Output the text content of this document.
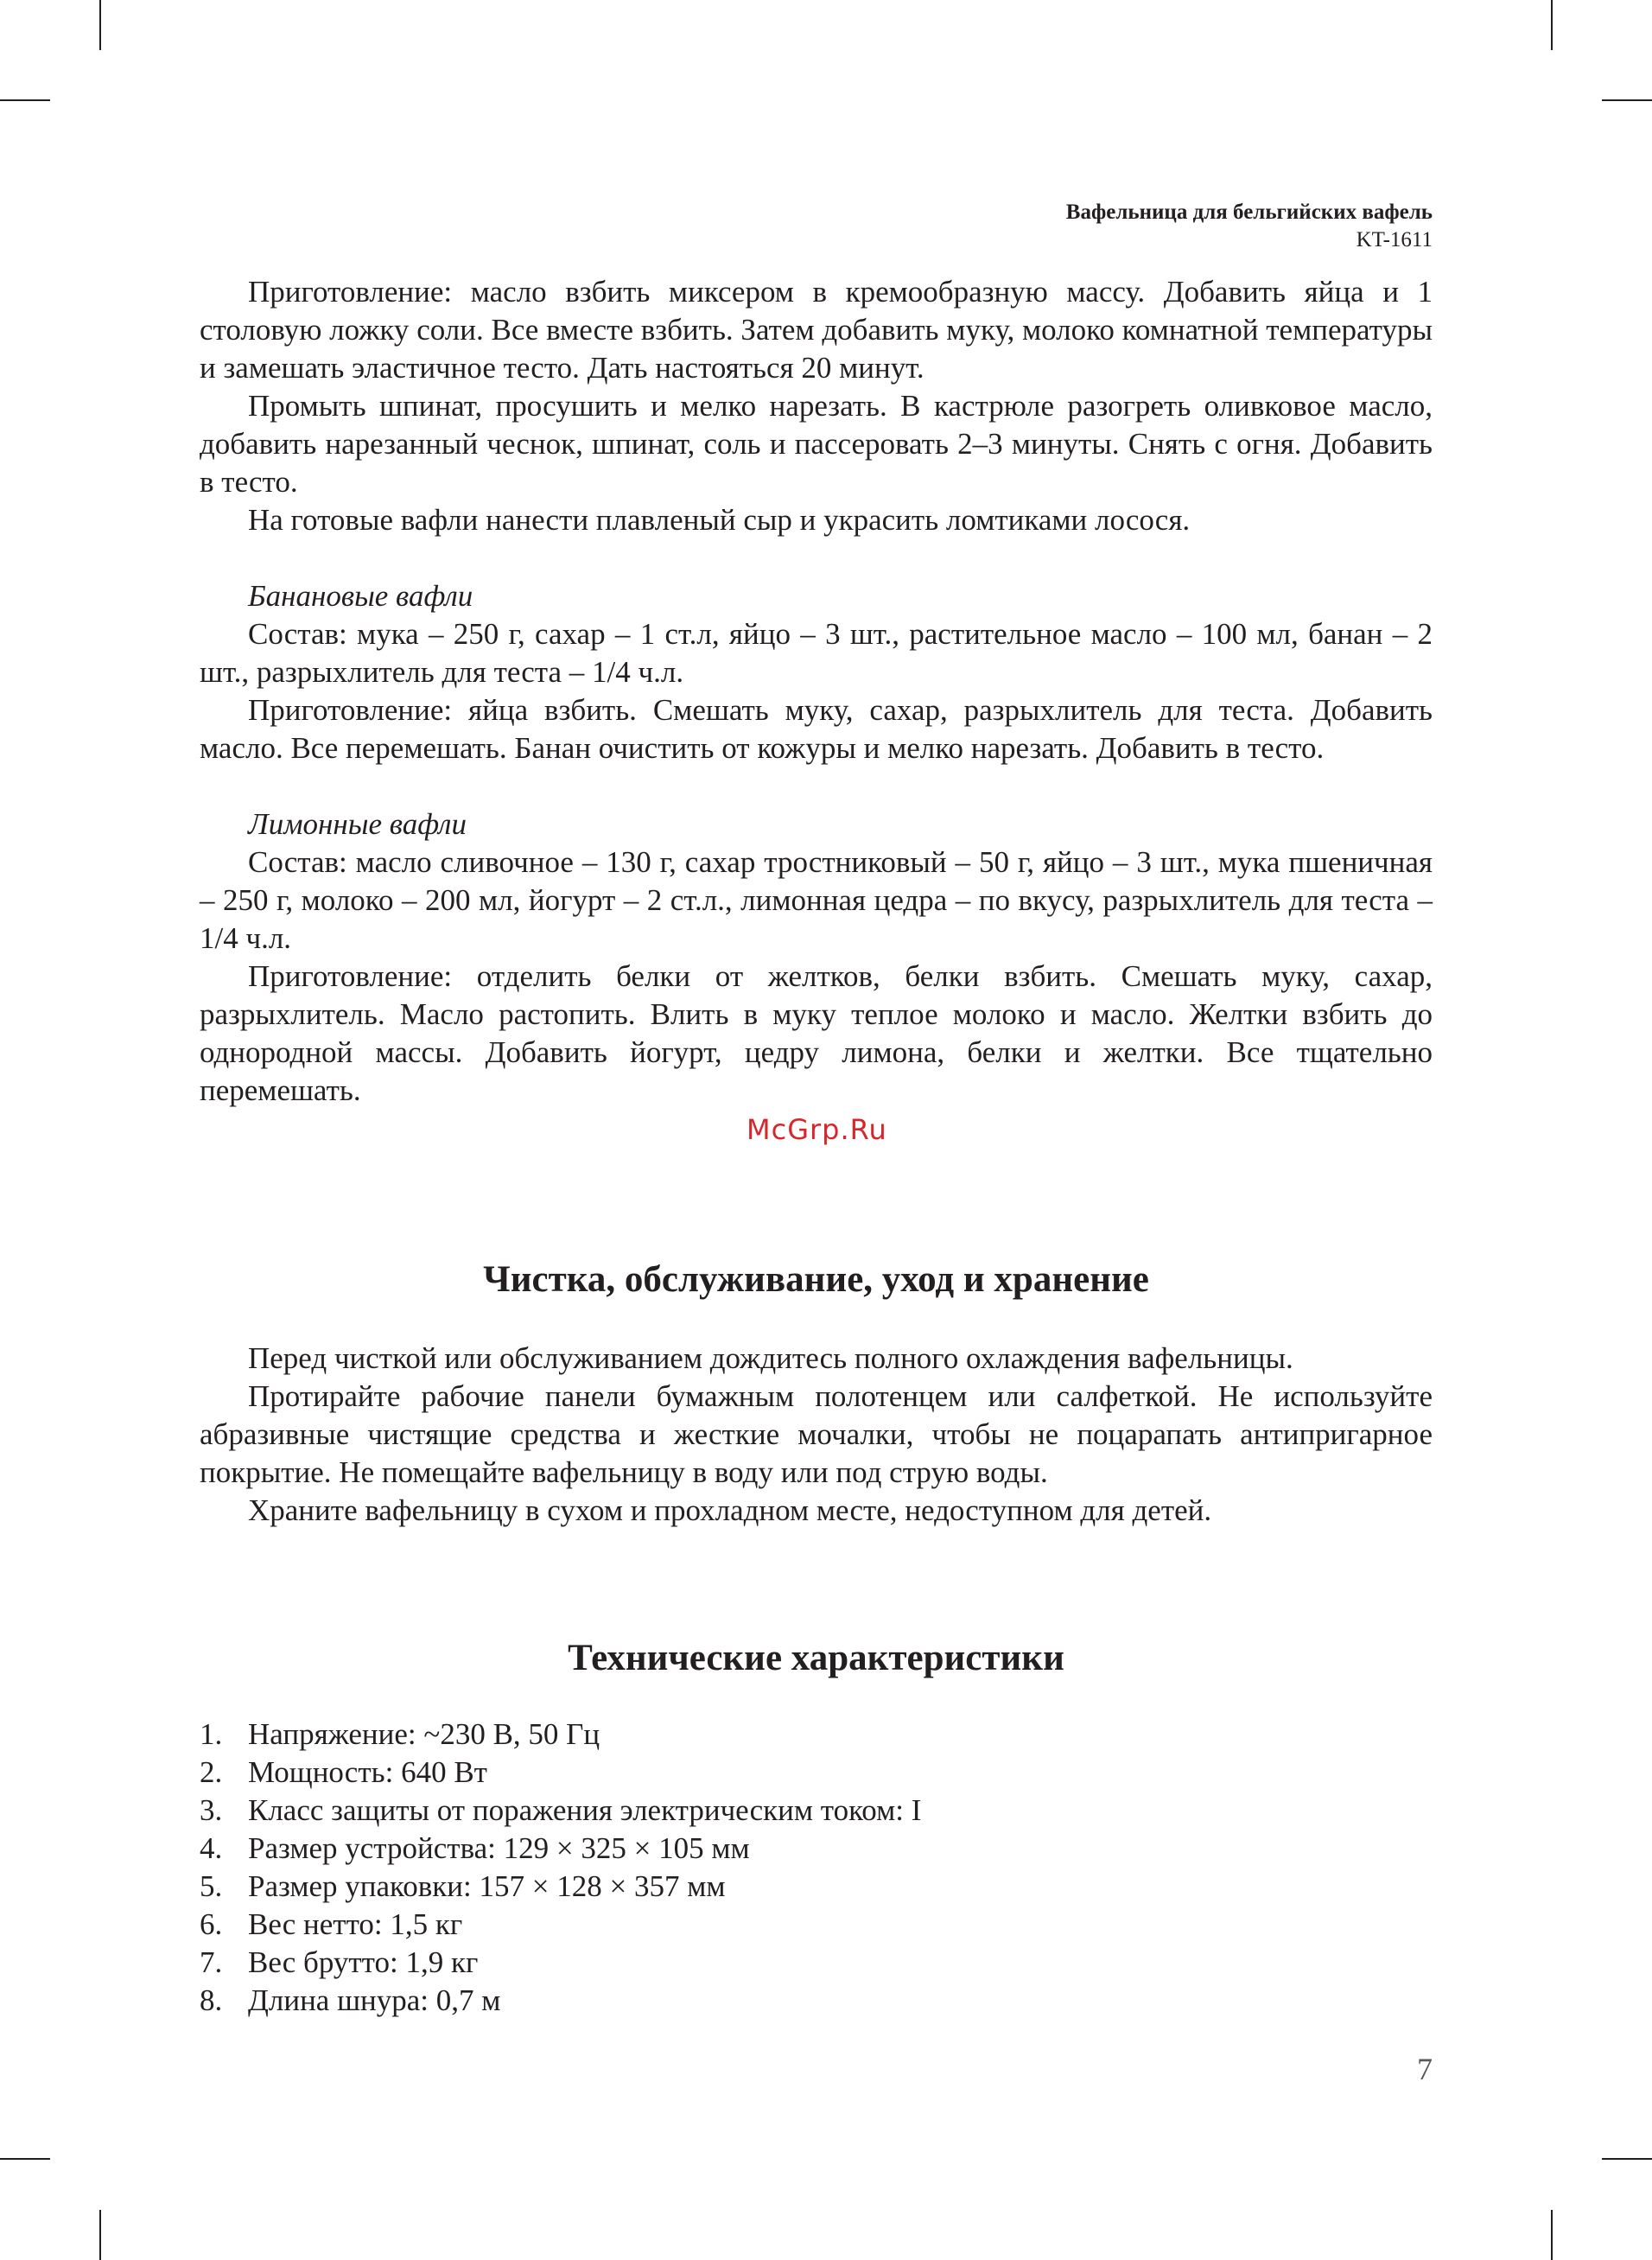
Вафельница для бельгийских вафель
KT-1611

Приготовление: масло взбить миксером в кремообразную массу. Добавить яйца и 1 столовую ложку соли. Все вместе взбить. Затем добавить муку, молоко комнатной температуры и замешать эластичное тесто. Дать настояться 20 минут.

Промыть шпинат, просушить и мелко нарезать. В кастрюле разогреть оливковое масло, добавить нарезанный чеснок, шпинат, соль и пассеровать 2–3 минуты. Снять с огня. Добавить в тесто.

На готовые вафли нанести плавленый сыр и украсить ломтиками лосося.

Банановые вафли

Состав: мука – 250 г, сахар – 1 ст.л, яйцо – 3 шт., растительное масло – 100 мл, банан – 2 шт., разрыхлитель для теста – 1/4 ч.л.

Приготовление: яйца взбить. Смешать муку, сахар, разрыхлитель для теста. Добавить масло. Все перемешать. Банан очистить от кожуры и мелко нарезать. Добавить в тесто.

Лимонные вафли

Состав: масло сливочное – 130 г, сахар тростниковый – 50 г, яйцо – 3 шт., мука пшеничная – 250 г, молоко – 200 мл, йогурт – 2 ст.л., лимонная цедра – по вкусу, разрыхлитель для теста – 1/4 ч.л.

Приготовление: отделить белки от желтков, белки взбить. Смешать муку, сахар, разрыхлитель. Масло растопить. Влить в муку теплое молоко и масло. Желтки взбить до однородной массы. Добавить йогурт, цедру лимона, белки и желтки. Все тщательно перемешать.

McGrp.Ru
Чистка, обслуживание, уход и хранение

Перед чисткой или обслуживанием дождитесь полного охлаждения вафельницы.

Протирайте рабочие панели бумажным полотенцем или салфеткой. Не используйте абразивные чистящие средства и жесткие мочалки, чтобы не поцарапать антипригарное покрытие. Не помещайте вафельницу в воду или под струю воды.

Храните вафельницу в сухом и прохладном месте, недоступном для детей.

Технические характеристики
1. Напряжение: ~230 В, 50 Гц
2. Мощность: 640 Вт
3. Класс защиты от поражения электрическим током: I
4. Размер устройства: 129 × 325 × 105 мм
5. Размер упаковки: 157 × 128 × 357 мм
6. Вес нетто: 1,5 кг
7. Вес брутто: 1,9 кг
8. Длина шнура: 0,7 м
7
